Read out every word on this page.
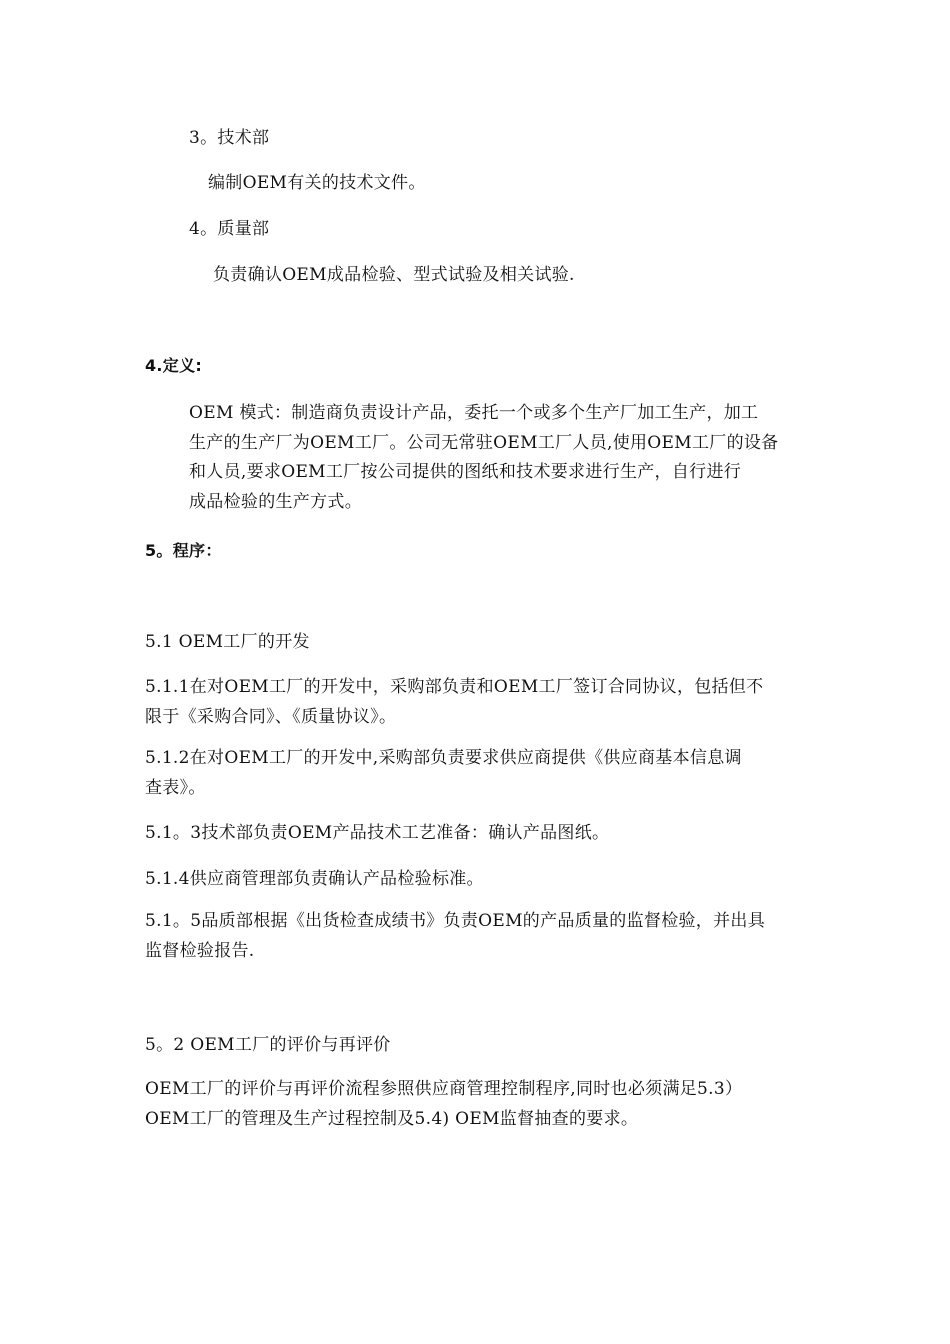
3。技术部
编制OEM有关的技术文件。
4。质量部
负责确认OEM成品检验、型式试验及相关试验.
4.定义:
OEM 模式：制造商负责设计产品，委托一个或多个生产厂加工生产，加工
生产的生产厂为OEM工厂。公司无常驻OEM工厂人员,使用OEM工厂的设备
和人员,要求OEM工厂按公司提供的图纸和技术要求进行生产，自行进行
成品检验的生产方式。
5。程序：
5.1 OEM工厂的开发
5.1.1在对OEM工厂的开发中，采购部负责和OEM工厂签订合同协议，包括但不
限于《采购合同》、《质量协议》。
5.1.2在对OEM工厂的开发中,采购部负责要求供应商提供《供应商基本信息调
查表》。
5.1。3技术部负责OEM产品技术工艺准备：确认产品图纸。
5.1.4供应商管理部负责确认产品检验标准。
5.1。5品质部根据《出货检查成绩书》负责OEM的产品质量的监督检验，并出具
监督检验报告.
5。2 OEM工厂的评价与再评价
OEM工厂的评价与再评价流程参照供应商管理控制程序,同时也必须满足5.3）
OEM工厂的管理及生产过程控制及5.4) OEM监督抽查的要求。
